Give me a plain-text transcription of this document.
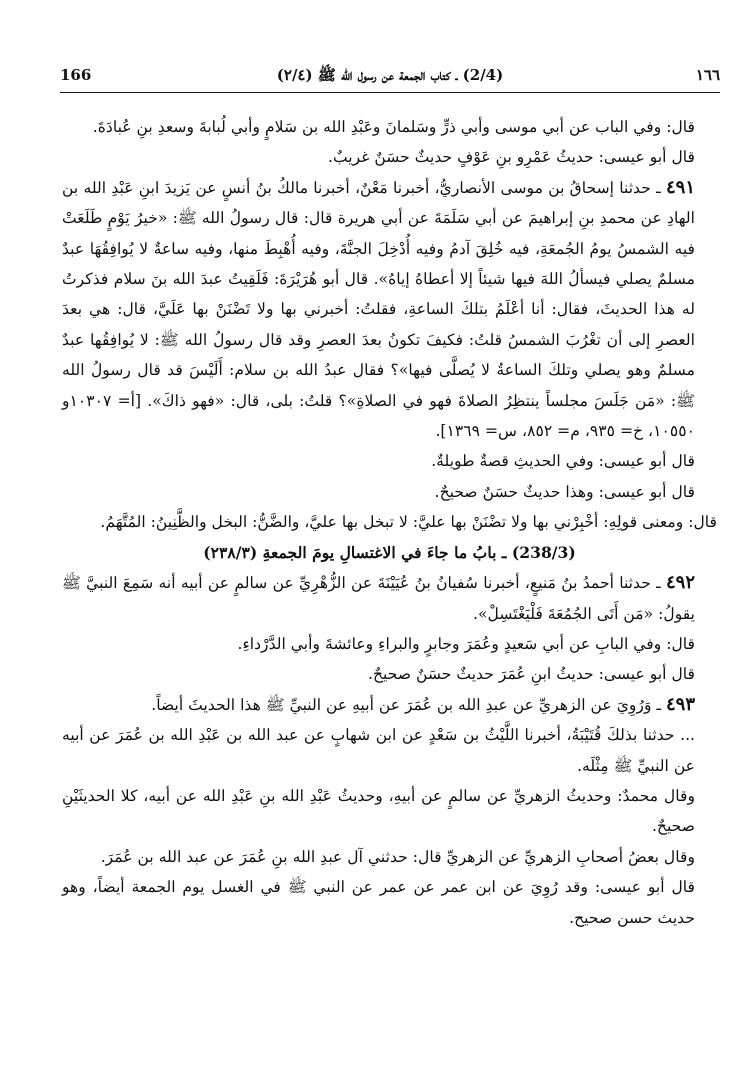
166	(2/4) ـ كتاب الجمعة عن رسول الله ﷺ (٢/٤)	١٦٦

قال: وفي الباب عن أبي موسى وأبي ذرٍّ وسَلمانَ وعَبْدِ الله بن سَلامٍ وأبي لُبابةَ وسعدِ بنِ عُبادَةَ.

قال أبو عيسى: حديثُ عَمْرِو بنِ عَوْفٍ حديثٌ حسَنٌ غريبٌ.

٤٩١ ـ حدثنا إسحاقُ بن موسى الأنصاريُّ، أخبرنا مَعْنٌ، أخبرنا مالكُ بنُ أنسٍ عن يَزيدَ ابنِ عَبْدِ الله بن الهادِ عن محمدِ بنِ إبراهيمَ عن أبي سَلَمَةَ عن أبي هريرة قال: قال رسولُ الله ﷺ: «خيرُ يَوْمٍ طَلَعَتْ فيه الشمسُ يومُ الجُمعَةِ، فيه خُلِقَ آدمُ وفيه أُدْخِلَ الجنَّةَ، وفيه أُهْبِطَ منها، وفيه ساعةٌ لا يُوافِقُهَا عبدٌ مسلمٌ يصلي فيسألُ اللهَ فيها شيئاً إلا أعطاهُ إياهُ». قال أبو هُرَيْرَةَ: فَلَقِيتُ عبدَ الله بنَ سلام فذكرتُ له هذا الحديثَ، فقال: أنا أعْلَمُ بتلكَ الساعةِ، فقلتُ: أخبرني بها ولا تَضْنَنْ بها عَلَيَّ، قال: هي بعدَ العصرِ إلى أن تغْرُبَ الشمسُ قلتُ: فكيفَ تكونُ بعدَ العصرِ وقد قال رسولُ الله ﷺ: لا يُوافِقُها عبدٌ مسلمٌ وهو يصلي وتلكَ الساعةُ لا يُصلَّى فيها»؟ فقال عبدُ الله بن سلام: أَلَيْسَ قد قال رسولُ الله ﷺ: «مَن جَلَسَ مجلساً ينتظِرُ الصلاةَ فهو في الصلاةِ»؟ قلتُ: بلى، قال: «فهو ذاكَ». [أ= ١٠٣٠٧و ١٠٥٥٠، خ= ٩٣٥، م= ٨٥٢، س= ١٣٦٩].

قال أبو عيسى: وفي الحديثِ قصةٌ طويلةٌ.

قال أبو عيسى: وهذا حديثٌ حسَنٌ صحيحٌ.

قال: ومعنى قولِهِ: أخْبِرْني بها ولا تضْنَنْ بها عليَّ: لا تبخل بها عليَّ، والضَّنُّ: البخل والظَّنِينُ: المُتَّهَمُ.

(238/3) ـ بابُ ما جاءَ في الاغتسالِ يومَ الجمعةِ (٢٣٨/٣)

٤٩٢ ـ حدثنا أحمدُ بنُ مَنيعٍ، أخبرنا سُفيانُ بنُ عُيَيْنَةَ عن الزُّهْرِيِّ عن سالمٍ عن أبيه أنه سَمِعَ النبيَّ ﷺ يقولُ: «مَن أَتَى الجُمُعَةَ فَلْيَغْتَسِلْ».

قال: وفي البابِ عن أبي سَعيدٍ وعُمَرَ وجابرٍ والبراءِ وعائشةَ وأبي الدَّرْداءِ.

قال أبو عيسى: حديثُ ابنِ عُمَرَ حديثٌ حسَنٌ صحيحٌ.

٤٩٣ ـ وَرُوِيَ عن الزهريِّ عن عبدِ الله بن عُمَرَ عن أبيهِ عن النبيِّ ﷺ هذا الحديثَ أيضاً.

... حدثنا بذلكَ قُتَيْبَةُ، أخبرنا اللَّيْثُ بن سَعْدٍ عن ابن شهابٍ عن عبد الله بن عَبْدِ الله بن عُمَرَ عن أبيه عن النبيِّ ﷺ مِثْلَه.

وقال محمدٌ: وحديثُ الزهريِّ عن سالمٍ عن أبيهِ، وحديثُ عَبْدِ الله بنِ عَبْدِ الله عن أبيه، كلا الحديثَيْنِ صحيحٌ.

وقال بعضُ أصحابِ الزهريِّ عن الزهريِّ قال: حدثني آل عبدِ الله بنِ عُمَرَ عن عبد الله بن عُمَرَ.

قال أبو عيسى: وقد رُوِيَ عن ابن عمر عن عمر عن النبي ﷺ في الغسل يوم الجمعة أيضاً، وهو حديث حسن صحيح.
